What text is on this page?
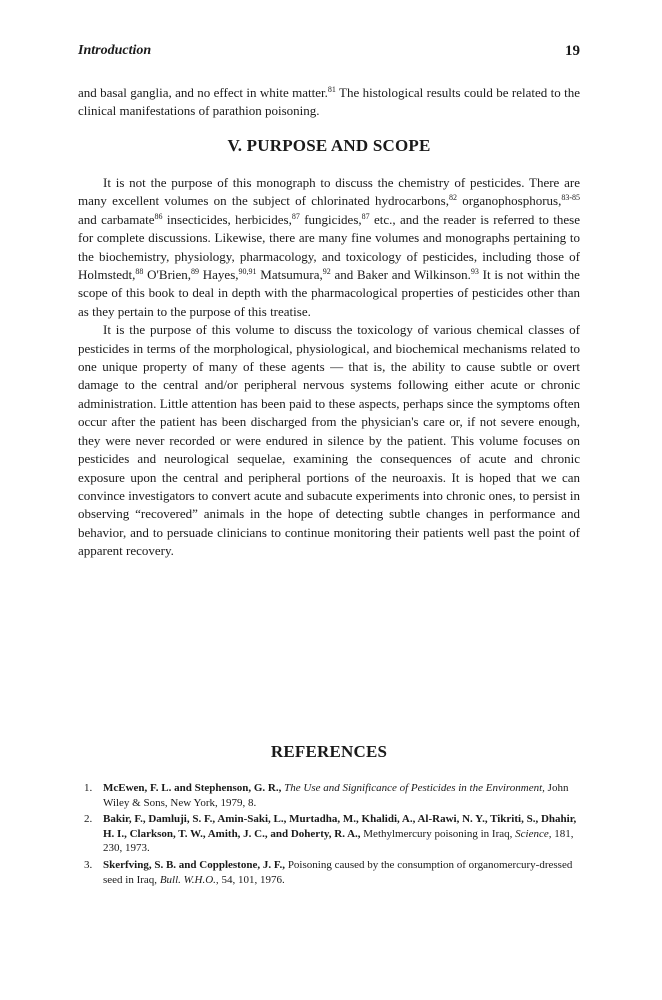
Introduction	19

and basal ganglia, and no effect in white matter.$^{81}$ The histological results could be related to the clinical manifestations of parathion poisoning.

V. PURPOSE AND SCOPE

It is not the purpose of this monograph to discuss the chemistry of pesticides. There are many excellent volumes on the subject of chlorinated hydrocarbons,$^{82}$ organophosphorus,$^{83-85}$ and carbamate$^{86}$ insecticides, herbicides,$^{87}$ fungicides,$^{87}$ etc., and the reader is referred to these for complete discussions. Likewise, there are many fine volumes and monographs pertaining to the biochemistry, physiology, pharmacology, and toxicology of pesticides, including those of Holmstedt,$^{88}$ O'Brien,$^{89}$ Hayes,$^{90,91}$ Matsumura,$^{92}$ and Baker and Wilkinson.$^{93}$ It is not within the scope of this book to deal in depth with the pharmacological properties of pesticides other than as they pertain to the purpose of this treatise.

It is the purpose of this volume to discuss the toxicology of various chemical classes of pesticides in terms of the morphological, physiological, and biochemical mechanisms related to one unique property of many of these agents — that is, the ability to cause subtle or overt damage to the central and/or peripheral nervous systems following either acute or chronic administration. Little attention has been paid to these aspects, perhaps since the symptoms often occur after the patient has been discharged from the physician's care or, if not severe enough, they were never recorded or were endured in silence by the patient. This volume focuses on pesticides and neurological sequelae, examining the consequences of acute and chronic exposure upon the central and peripheral portions of the neuroaxis. It is hoped that we can convince investigators to convert acute and subacute experiments into chronic ones, to persist in observing “recovered” animals in the hope of detecting subtle changes in performance and behavior, and to persuade clinicians to continue monitoring their patients well past the point of apparent recovery.

REFERENCES
1. McEwen, F. L. and Stephenson, G. R., The Use and Significance of Pesticides in the Environment, John Wiley & Sons, New York, 1979, 8.
2. Bakir, F., Damluji, S. F., Amin-Saki, L., Murtadha, M., Khalidi, A., Al-Rawi, N. Y., Tikriti, S., Dhahir, H. I., Clarkson, T. W., Amith, J. C., and Doherty, R. A., Methylmercury poisoning in Iraq, Science, 181, 230, 1973.
3. Skerfving, S. B. and Copplestone, J. F., Poisoning caused by the consumption of organomercury-dressed seed in Iraq, Bull. W.H.O., 54, 101, 1976.
